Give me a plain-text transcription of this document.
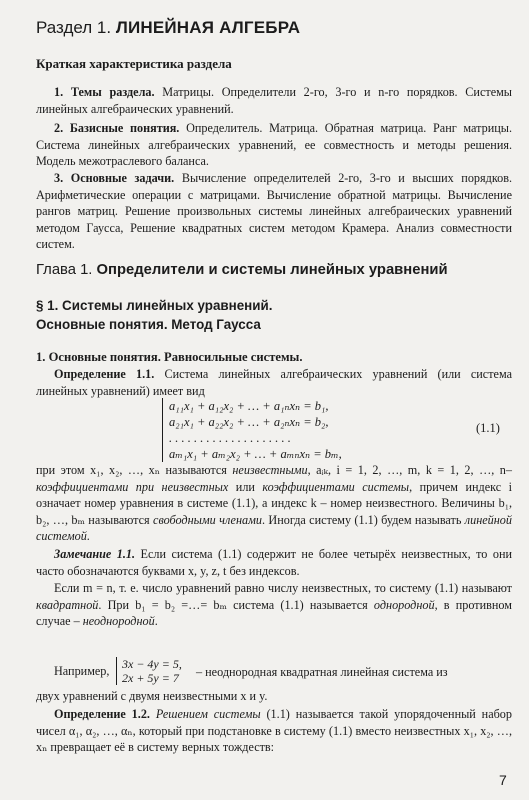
Раздел 1. ЛИНЕЙНАЯ АЛГЕБРА
Краткая характеристика раздела
1. Темы раздела. Матрицы. Определители 2-го, 3-го и n-го порядков. Системы линейных алгебраических уравнений.
2. Базисные понятия. Определитель. Матрица. Обратная матрица. Ранг матрицы. Система линейных алгебраических уравнений, ее совместность и методы решения. Модель межотраслевого баланса.
3. Основные задачи. Вычисление определителей 2-го, 3-го и высших порядков. Арифметические операции с матрицами. Вычисление обратной матрицы. Вычисление рангов матриц. Решение произвольных системы линейных алгебраических уравнений методом Гаусса, Решение квадратных систем методом Крамера. Анализ совместности систем.
Глава 1. Определители и системы линейных уравнений
§ 1. Системы линейных уравнений.
Основные понятия. Метод Гаусса
1. Основные понятия. Равносильные системы.
Определение 1.1. Система линейных алгебраических уравнений (или система линейных уравнений) имеет вид
a₁₁x₁ + a₁₂x₂ + … + a₁ₙxₙ = b₁,
a₂₁x₁ + a₂₂x₂ + … + a₂ₙxₙ = b₂,
. . . . . . . . . . . . . . . . . . . .
aₘ₁x₁ + aₘ₂x₂ + … + aₘₙxₙ = bₘ,
(1.1)
при этом x₁, x₂, …, xₙ называются неизвестными, aᵢₖ, i = 1, 2, …, m, k = 1, 2, …, n– коэффициентами при неизвестных или коэффициентами системы, причем индекс i означает номер уравнения в системе (1.1), а индекс k – номер неизвестного. Величины b₁, b₂, …, bₘ называются свободными членами. Иногда систему (1.1) будем называть линейной системой.
Замечание 1.1. Если система (1.1) содержит не более четырёх неизвестных, то они часто обозначаются буквами x, y, z, t без индексов.
Если m = n, т. е. число уравнений равно числу неизвестных, то систему (1.1) называют квадратной. При b₁ = b₂ =…= bₘ система (1.1) называется однородной, в противном случае – неоднородной.
Например, 3x − 4y = 5,
2x + 5y = 7 – неоднородная квадратная линейная система из
двух уравнений с двумя неизвестными x и y.
Определение 1.2. Решением системы (1.1) называется такой упорядоченный набор чисел α₁, α₂, …, αₙ, который при подстановке в систему (1.1) вместо неизвестных x₁, x₂, …, xₙ превращает её в систему верных тождеств:
7
